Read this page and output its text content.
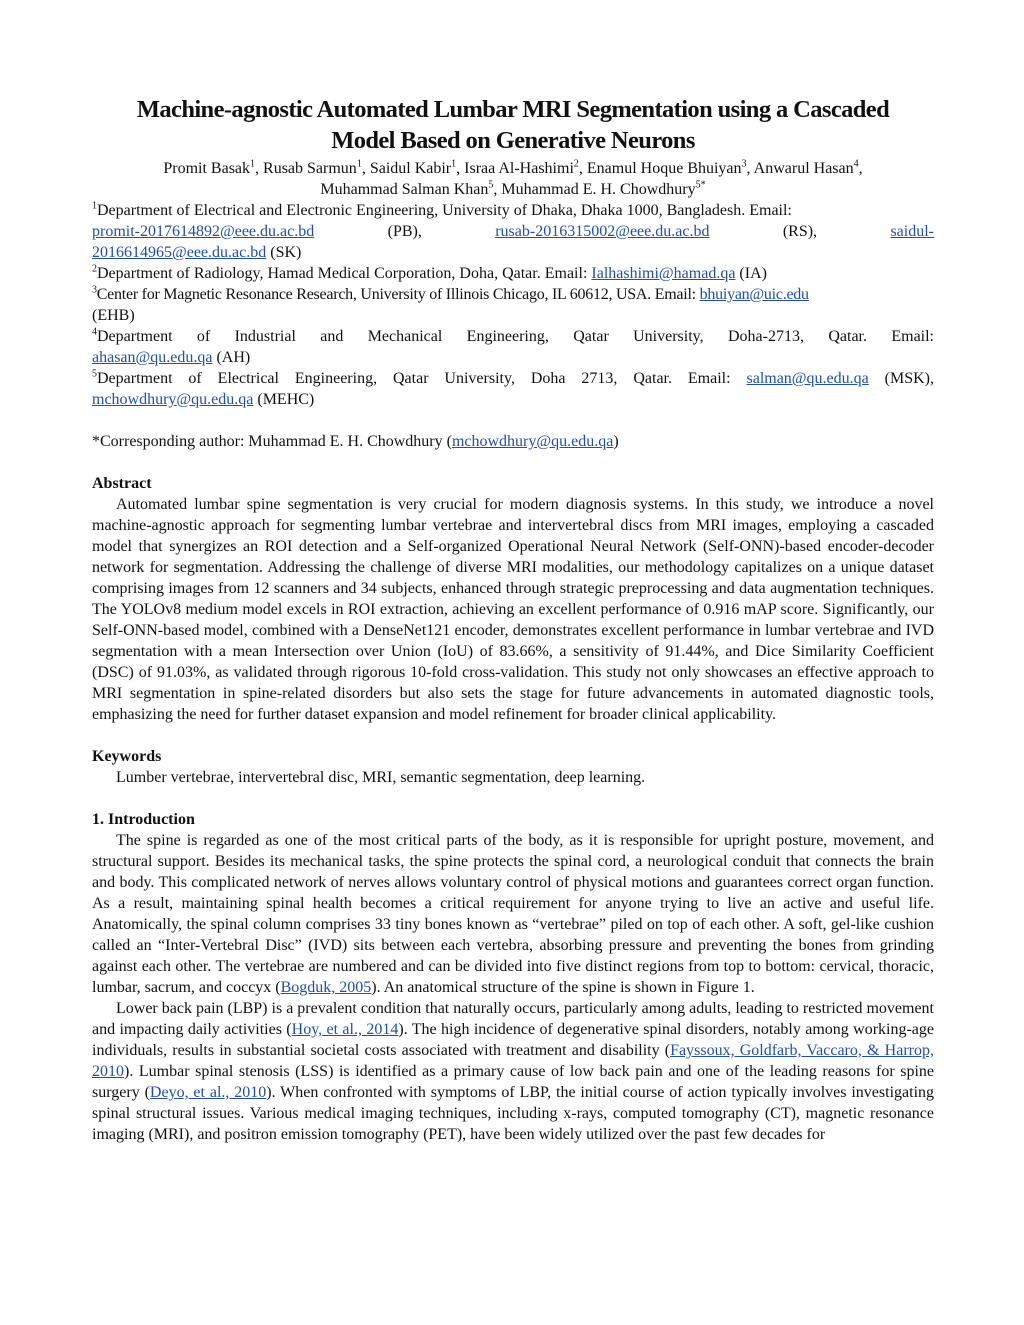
Machine-agnostic Automated Lumbar MRI Segmentation using a Cascaded
Model Based on Generative Neurons
Promit Basak$^1$, Rusab Sarmun$^1$, Saidul Kabir$^1$, Israa Al-Hashimi$^2$, Enamul Hoque Bhuiyan$^3$, Anwarul Hasan$^4$,
Muhammad Salman Khan$^5$, Muhammad E. H. Chowdhury$^{5*}$
$^1$Department of Electrical and Electronic Engineering, University of Dhaka, Dhaka 1000, Bangladesh. Email:
promit-2017614892@eee.du.ac.bd	(PB),	rusab-2016315002@eee.du.ac.bd	(RS),	saidul-
2016614965@eee.du.ac.bd (SK)
$^2$Department of Radiology, Hamad Medical Corporation, Doha, Qatar. Email: Ialhashimi@hamad.qa (IA)
$^3$Center for Magnetic Resonance Research, University of Illinois Chicago, IL 60612, USA. Email: bhuiyan@uic.edu
(EHB)
$^4$Department of Industrial and Mechanical Engineering, Qatar University, Doha-2713, Qatar. Email:
ahasan@qu.edu.qa (AH)
$^5$Department of Electrical Engineering, Qatar University, Doha 2713, Qatar. Email: salman@qu.edu.qa (MSK),
mchowdhury@qu.edu.qa (MEHC)
*Corresponding author: Muhammad E. H. Chowdhury (mchowdhury@qu.edu.qa)
Abstract

Automated lumbar spine segmentation is very crucial for modern diagnosis systems. In this study, we introduce a novel machine-agnostic approach for segmenting lumbar vertebrae and intervertebral discs from MRI images, employing a cascaded model that synergizes an ROI detection and a Self-organized Operational Neural Network (Self-ONN)-based encoder-decoder network for segmentation. Addressing the challenge of diverse MRI modalities, our methodology capitalizes on a unique dataset comprising images from 12 scanners and 34 subjects, enhanced through strategic preprocessing and data augmentation techniques. The YOLOv8 medium model excels in ROI extraction, achieving an excellent performance of 0.916 mAP score. Significantly, our Self-ONN-based model, combined with a DenseNet121 encoder, demonstrates excellent performance in lumbar vertebrae and IVD segmentation with a mean Intersection over Union (IoU) of 83.66%, a sensitivity of 91.44%, and Dice Similarity Coefficient (DSC) of 91.03%, as validated through rigorous 10-fold cross-validation. This study not only showcases an effective approach to MRI segmentation in spine-related disorders but also sets the stage for future advancements in automated diagnostic tools, emphasizing the need for further dataset expansion and model refinement for broader clinical applicability.

Keywords

Lumber vertebrae, intervertebral disc, MRI, semantic segmentation, deep learning.

1. Introduction

The spine is regarded as one of the most critical parts of the body, as it is responsible for upright posture, movement, and structural support. Besides its mechanical tasks, the spine protects the spinal cord, a neurological conduit that connects the brain and body. This complicated network of nerves allows voluntary control of physical motions and guarantees correct organ function. As a result, maintaining spinal health becomes a critical requirement for anyone trying to live an active and useful life. Anatomically, the spinal column comprises 33 tiny bones known as “vertebrae” piled on top of each other. A soft, gel-like cushion called an “Inter-Vertebral Disc” (IVD) sits between each vertebra, absorbing pressure and preventing the bones from grinding against each other. The vertebrae are numbered and can be divided into five distinct regions from top to bottom: cervical, thoracic, lumbar, sacrum, and coccyx (Bogduk, 2005). An anatomical structure of the spine is shown in Figure 1.

Lower back pain (LBP) is a prevalent condition that naturally occurs, particularly among adults, leading to restricted movement and impacting daily activities (Hoy, et al., 2014). The high incidence of degenerative spinal disorders, notably among working-age individuals, results in substantial societal costs associated with treatment and disability (Fayssoux, Goldfarb, Vaccaro, & Harrop, 2010). Lumbar spinal stenosis (LSS) is identified as a primary cause of low back pain and one of the leading reasons for spine surgery (Deyo, et al., 2010). When confronted with symptoms of LBP, the initial course of action typically involves investigating spinal structural issues. Various medical imaging techniques, including x-rays, computed tomography (CT), magnetic resonance imaging (MRI), and positron emission tomography (PET), have been widely utilized over the past few decades for
